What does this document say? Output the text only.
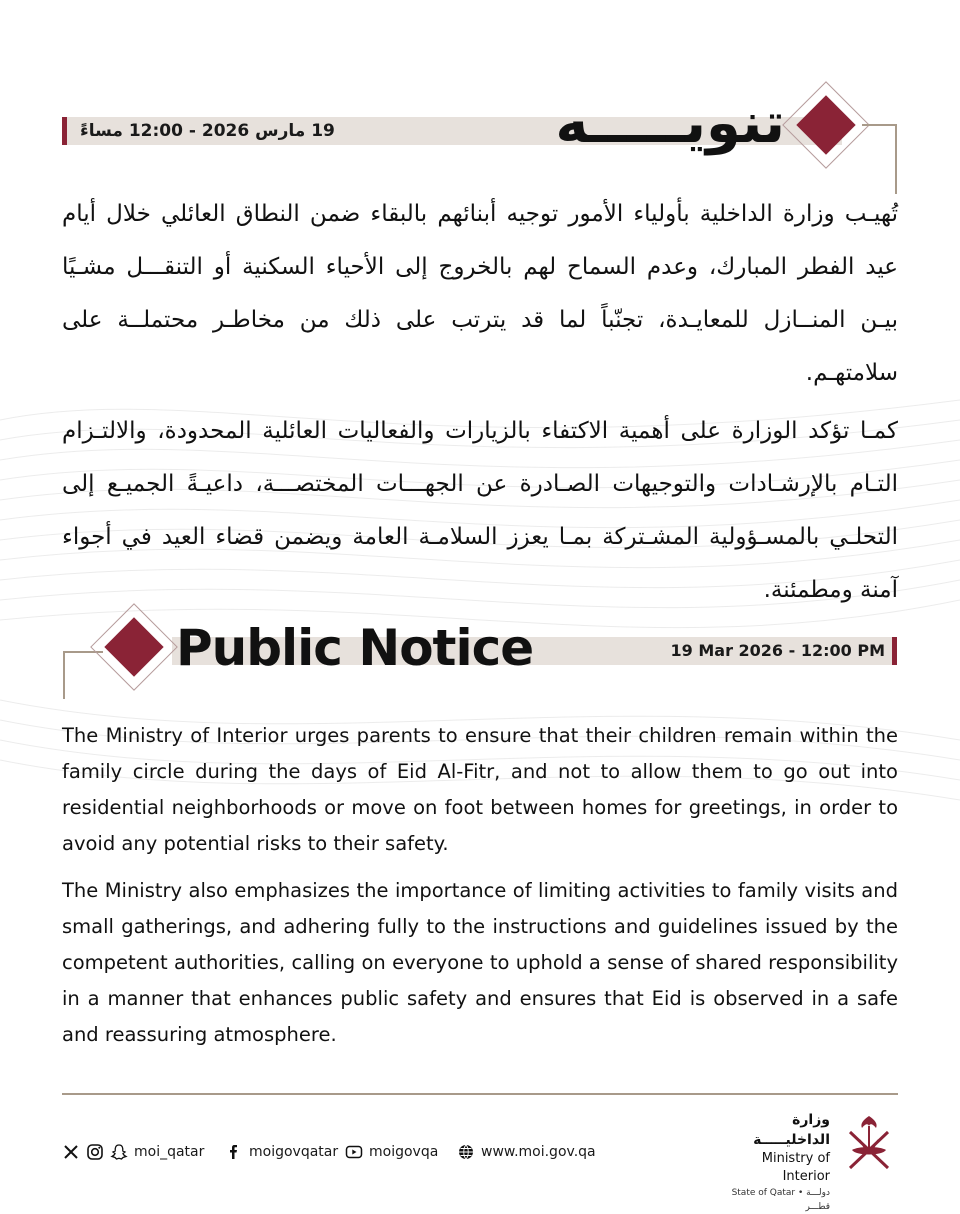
19 مارس 2026 - 12:00 مساءً	تنويـــــه

تُهيـب وزارة الداخلية بأولياء الأمور توجيه أبنائهم بالبقاء ضمن النطاق العائلي خلال أيام عيد الفطر المبارك، وعدم السماح لهم بالخروج إلى الأحياء السكنية أو التنقـــل مشـيًا بيـن المنــازل للمعايـدة، تجنّباً لما قد يترتب على ذلك من مخاطـر محتملــة على سلامتهـم.

كمـا تؤكد الوزارة على أهمية الاكتفاء بالزيارات والفعاليات العائلية المحدودة، والالتـزام التـام بالإرشـادات والتوجيهات الصـادرة عن الجهـــات المختصـــة، داعيـةً الجميـع إلى التحلـي بالمسـؤولية المشـتركة بمـا يعزز السلامـة العامة ويضمن قضاء العيد في أجواء آمنة ومطمئنة.

Public Notice	19 Mar 2026 - 12:00 PM

The Ministry of Interior urges parents to ensure that their children remain within the family circle during the days of Eid Al-Fitr, and not to allow them to go out into residential neighborhoods or move on foot between homes for greetings, in order to avoid any potential risks to their safety.

The Ministry also emphasizes the importance of limiting activities to family visits and small gatherings, and adhering fully to the instructions and guidelines issued by the competent authorities, calling on everyone to uphold a sense of shared responsibility in a manner that enhances public safety and ensures that Eid is observed in a safe and reassuring atmosphere.

moi_qatar	moigovqatar moigovqa	www.moi.gov.qa
وزارة الداخليـــــة
Ministry of Interior
State of Qatar • دولـــة قطـــر
